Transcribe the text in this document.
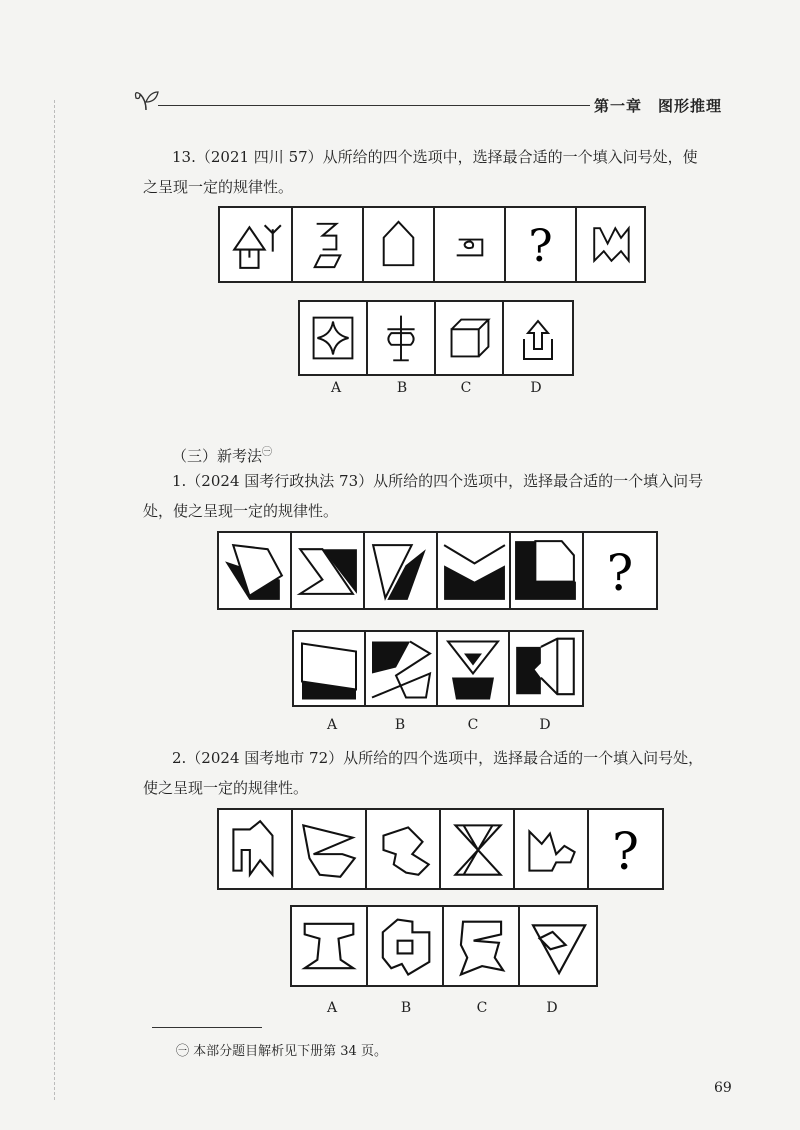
第一章　图形推理
13.（2021 四川 57）从所给的四个选项中，选择最合适的一个填入问号处，使
之呈现一定的规律性。
?
A	B	C	D
（三）新考法$^㊀$
1.（2024 国考行政执法 73）从所给的四个选项中，选择最合适的一个填入问号
处，使之呈现一定的规律性。
?
A	B	C	D
2.（2024 国考地市 72）从所给的四个选项中，选择最合适的一个填入问号处，
使之呈现一定的规律性。
?
A	B	C	D
㊀ 本部分题目解析见下册第 34 页。
69
